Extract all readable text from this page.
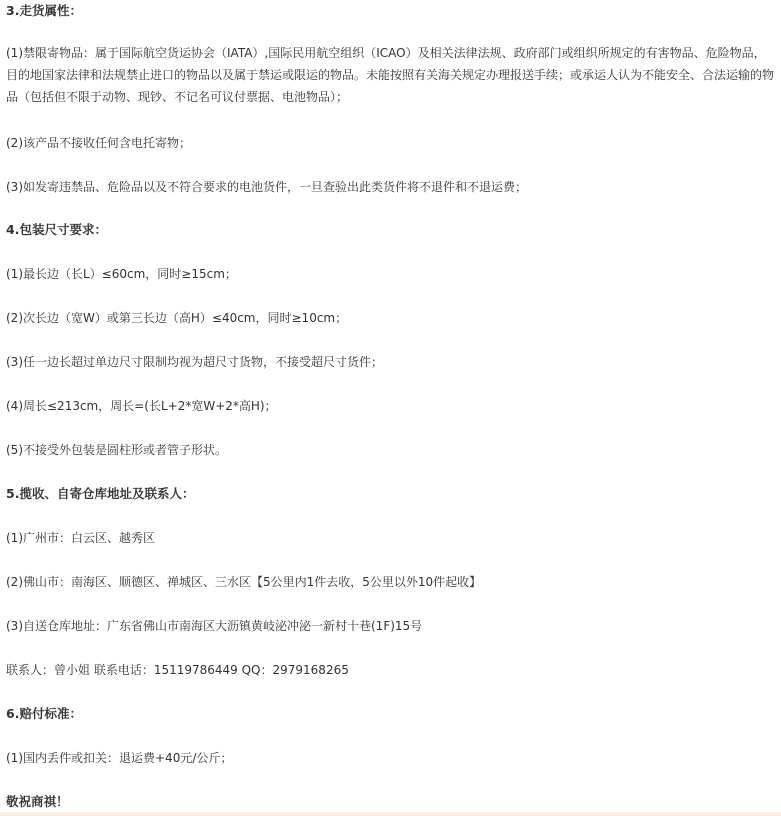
3.走货属性：
(1)禁限寄物品：属于国际航空货运协会（IATA）,国际民用航空组织（ICAO）及相关法律法规、政府部门或组织所规定的有害物品、危险物品，目的地国家法律和法规禁止进口的物品以及属于禁运或限运的物品。未能按照有关海关规定办理报送手续；或承运人认为不能安全、合法运输的物品（包括但不限于动物、现钞、不记名可议付票据、电池物品）；
(2)该产品不接收任何含电托寄物；
(3)如发寄违禁品、危险品以及不符合要求的电池货件，一旦查验出此类货件将不退件和不退运费；
4.包装尺寸要求：
(1)最长边（长L）≤60cm，同时≥15cm；
(2)次长边（宽W）或第三长边（高H）≤40cm，同时≥10cm；
(3)任一边长超过单边尺寸限制均视为超尺寸货物，不接受超尺寸货件；
(4)周长≤213cm，周长=(长L+2*宽W+2*高H)；
(5)不接受外包装是圆柱形或者管子形状。
5.揽收、自寄仓库地址及联系人：
(1)广州市：白云区、越秀区
(2)佛山市：南海区、顺德区、禅城区、三水区【5公里内1件去收，5公里以外10件起收】
(3)自送仓库地址：广东省佛山市南海区大沥镇黄岐泌冲泌一新村十巷(1F)15号
联系人：曾小姐 联系电话：15119786449 QQ：2979168265
6.赔付标准：
(1)国内丢件或扣关：退运费+40元/公斤；
敬祝商祺！
